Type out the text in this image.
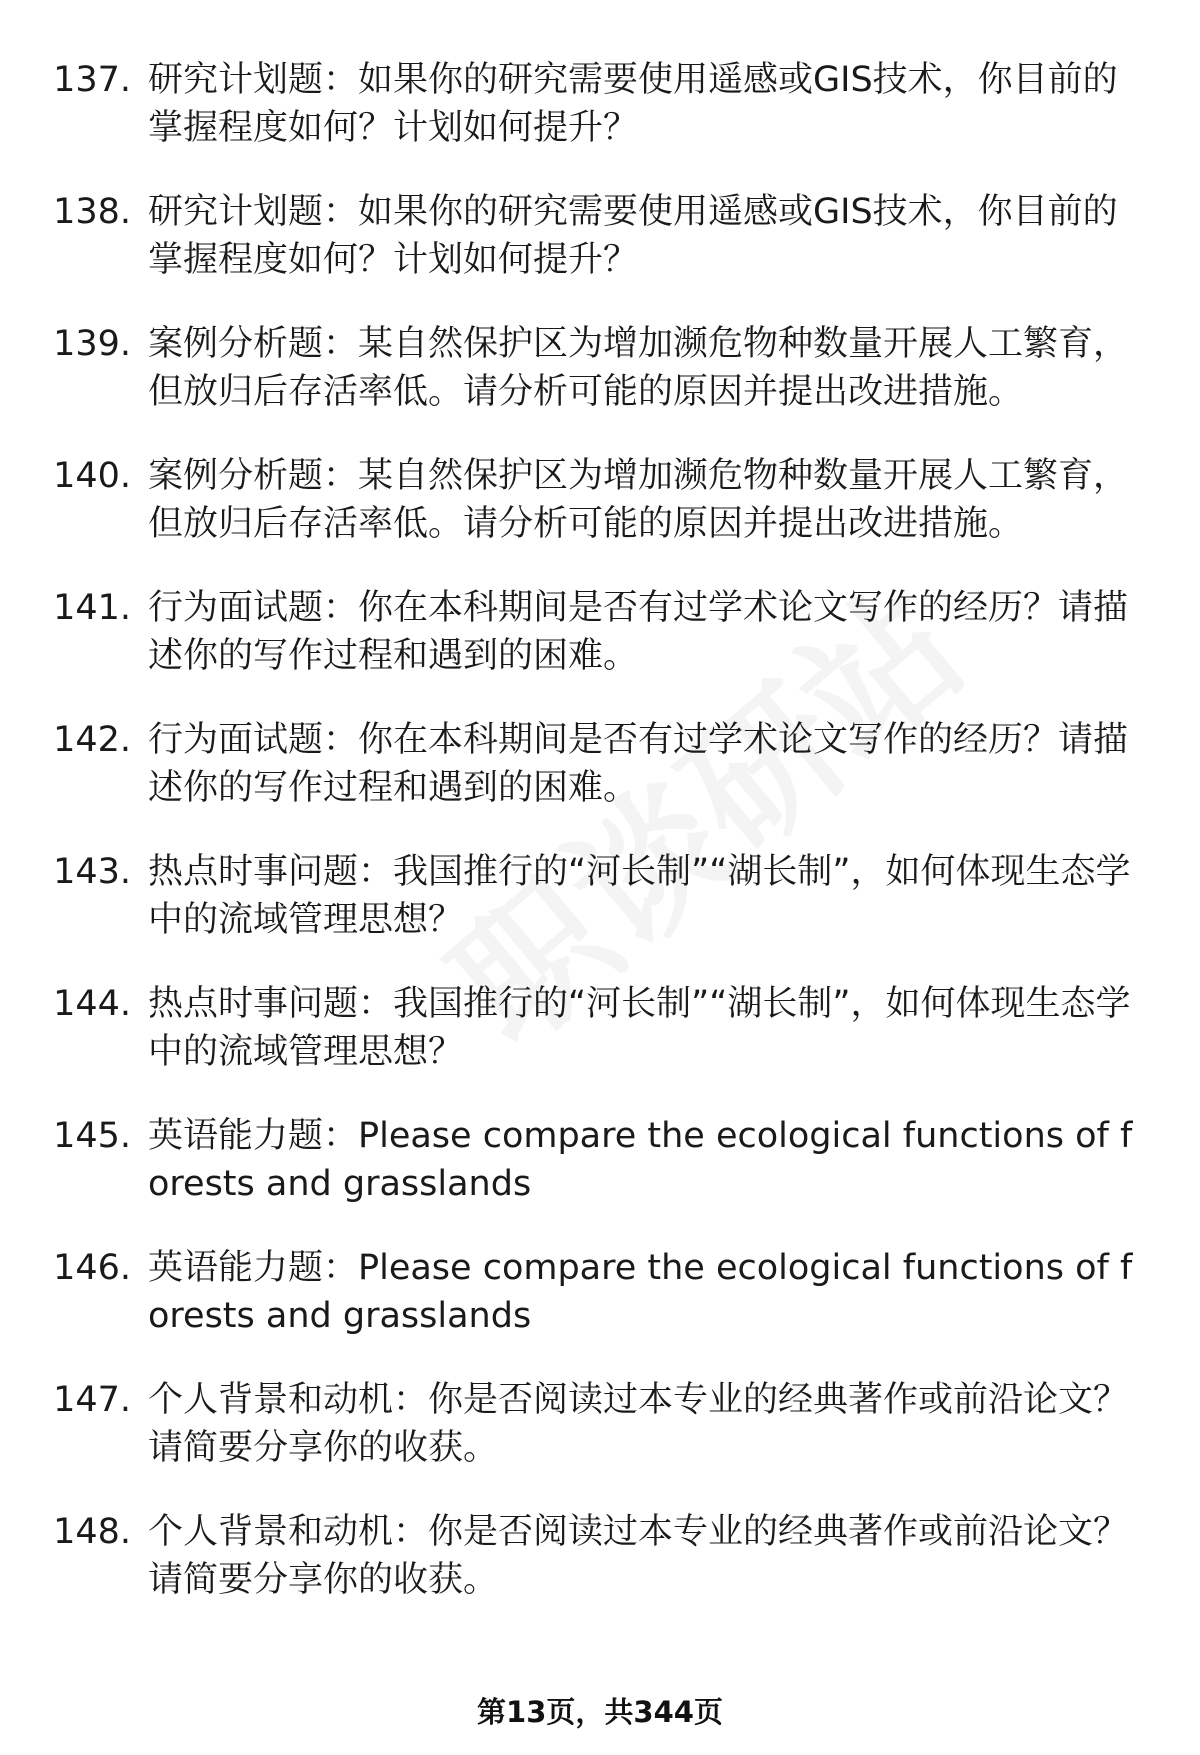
137. 研究计划题：如果你的研究需要使用遥感或GIS技术，你目前的掌握程度如何？计划如何提升？
138. 研究计划题：如果你的研究需要使用遥感或GIS技术，你目前的掌握程度如何？计划如何提升？
139. 案例分析题：某自然保护区为增加濒危物种数量开展人工繁育，但放归后存活率低。请分析可能的原因并提出改进措施。
140. 案例分析题：某自然保护区为增加濒危物种数量开展人工繁育，但放归后存活率低。请分析可能的原因并提出改进措施。
141. 行为面试题：你在本科期间是否有过学术论文写作的经历？请描述你的写作过程和遇到的困难。
142. 行为面试题：你在本科期间是否有过学术论文写作的经历？请描述你的写作过程和遇到的困难。
143. 热点时事问题：我国推行的“河长制”“湖长制”，如何体现生态学中的流域管理思想？
144. 热点时事问题：我国推行的“河长制”“湖长制”，如何体现生态学中的流域管理思想？
145. 英语能力题：Please compare the ecological functions of forests and grasslands
146. 英语能力题：Please compare the ecological functions of forests and grasslands
147. 个人背景和动机：你是否阅读过本专业的经典著作或前沿论文？请简要分享你的收获。
148. 个人背景和动机：你是否阅读过本专业的经典著作或前沿论文？请简要分享你的收获。
第13页，共344页
